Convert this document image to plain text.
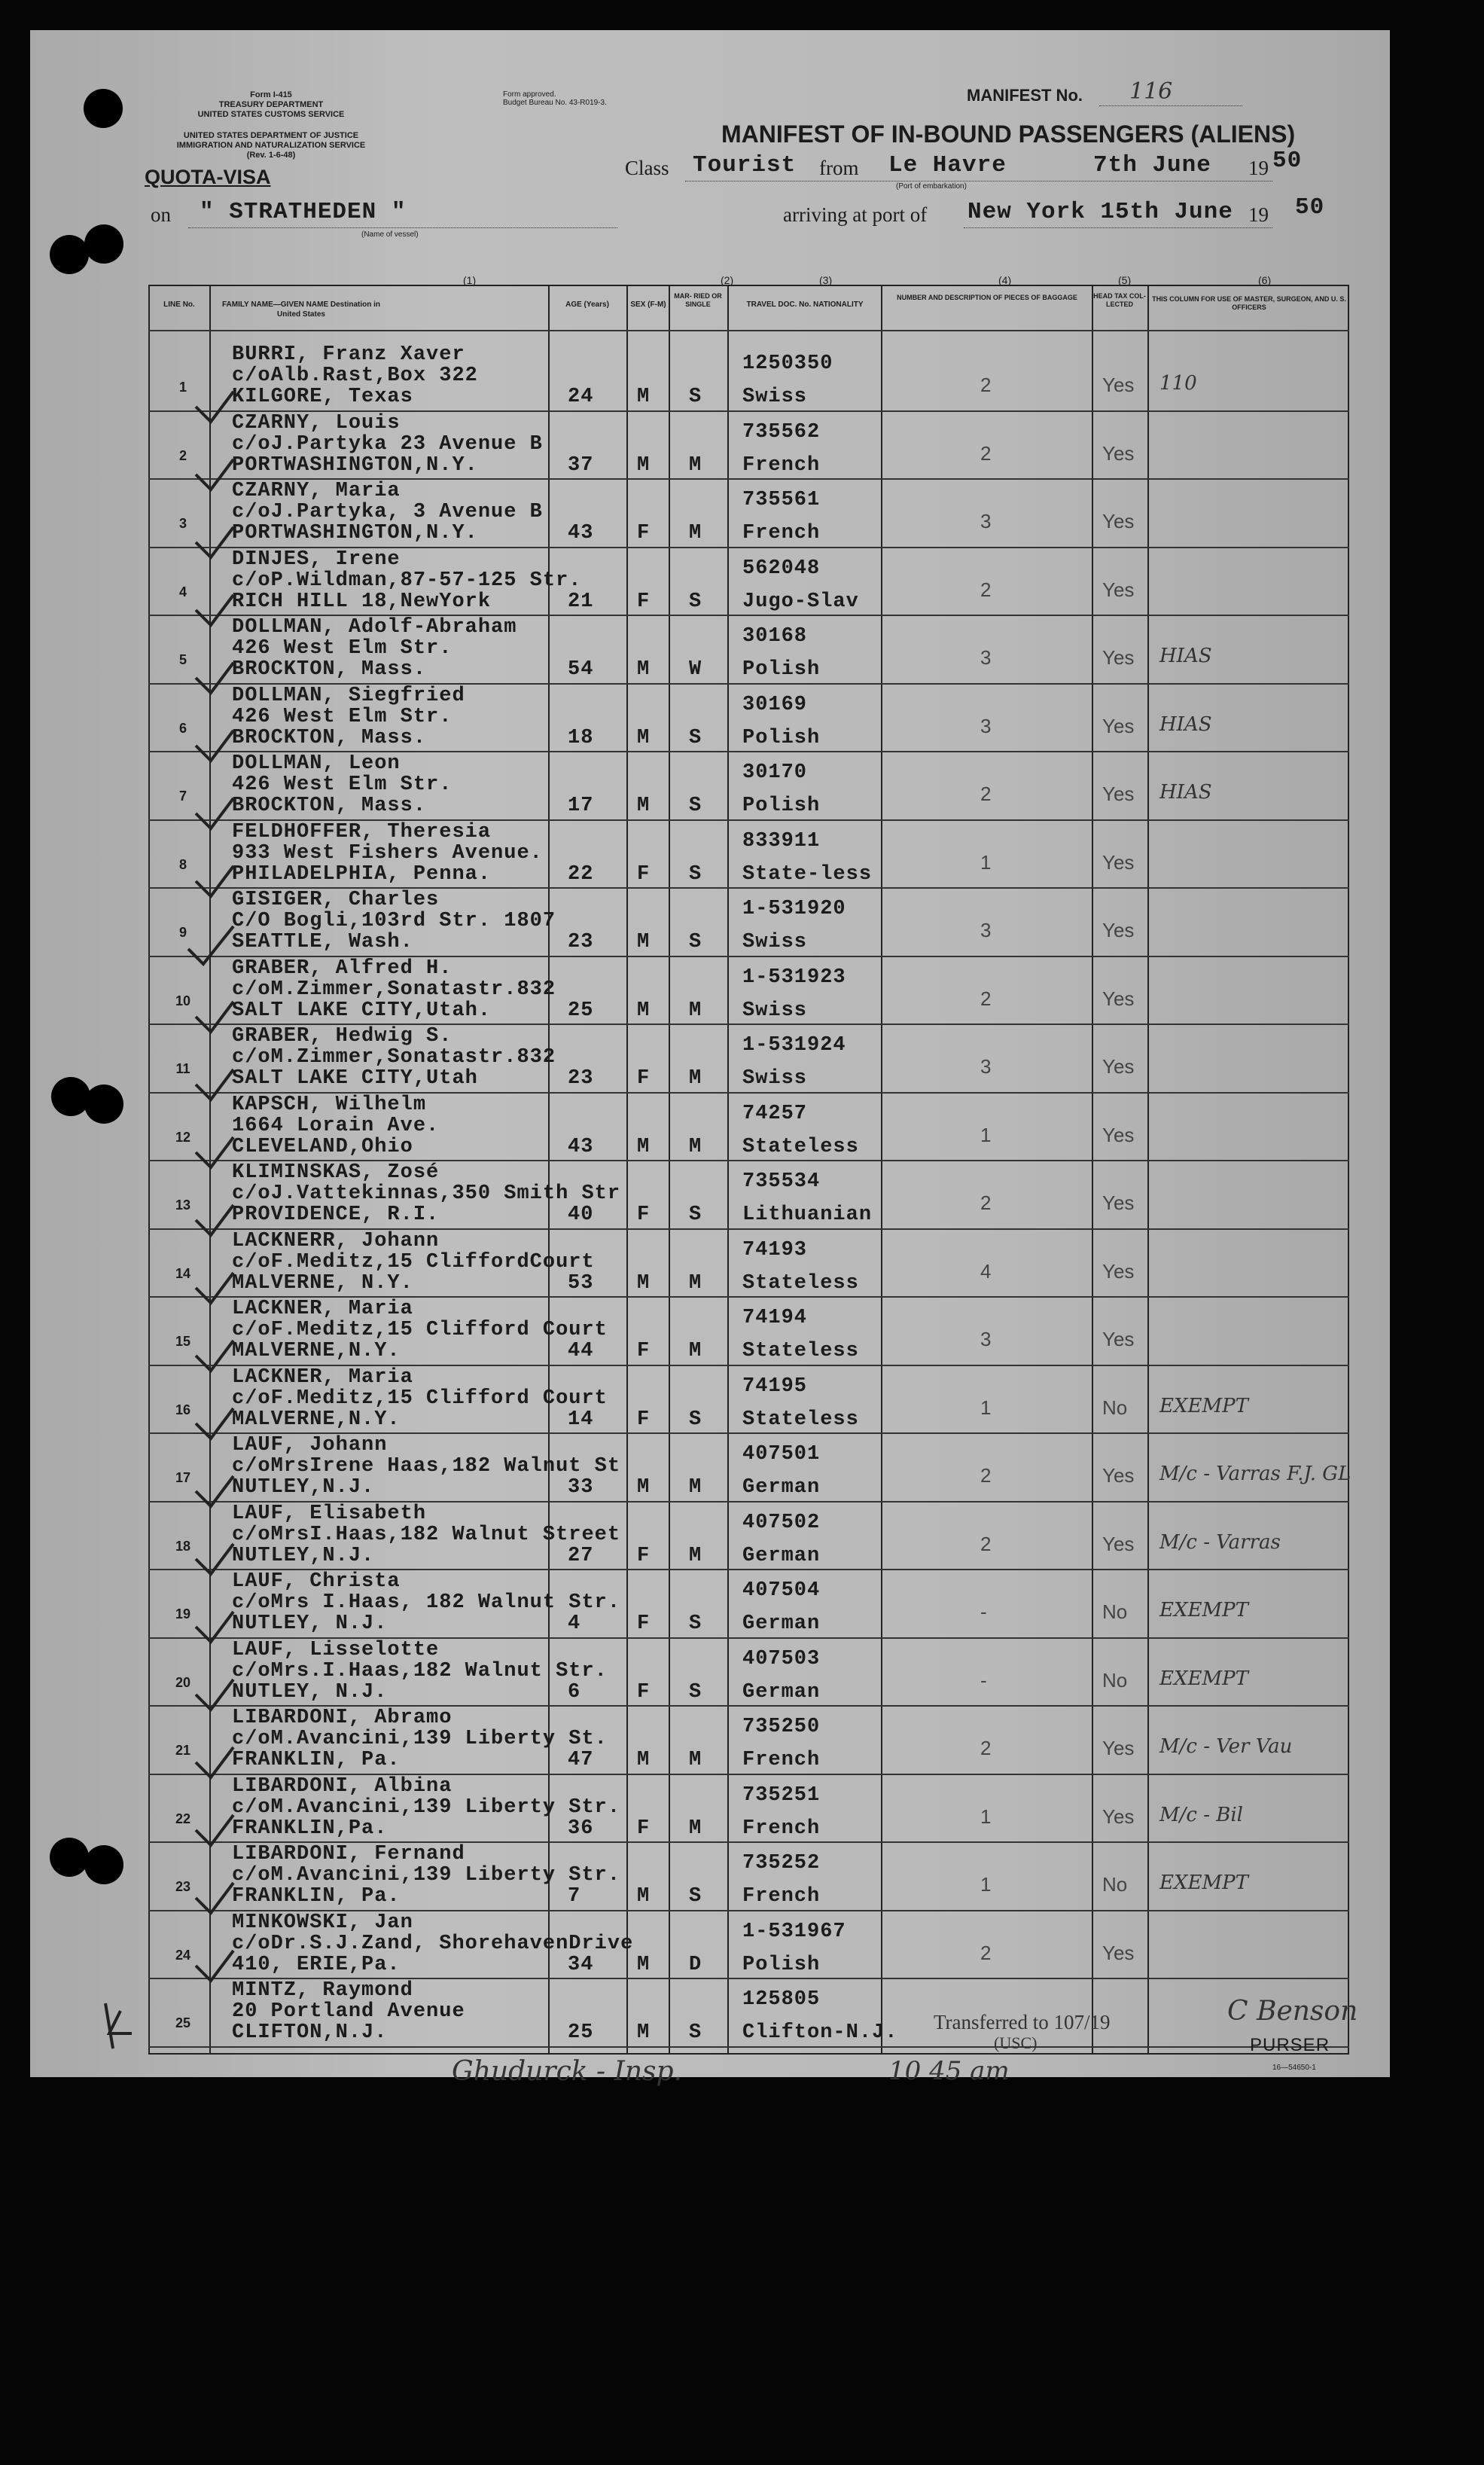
Form I-415
TREASURY DEPARTMENT
UNITED STATES CUSTOMS SERVICE
UNITED STATES DEPARTMENT OF JUSTICE
IMMIGRATION AND NATURALIZATION SERVICE
(Rev. 1-6-48)
Form approved.
Budget Bureau No. 43-R019-3.	MANIFEST No. 116
MANIFEST OF IN-BOUND PASSENGERS (ALIENS)
QUOTA-VISA	Class Tourist from Le Havre	7th June 19 50
(Port of embarkation)
on " STRATHEDEN "
(Name of vessel)
arriving at port of New York 15th June 19 50
(1)	(2)	(3)	(4)	(5)	(6)
LINE No.	FAMILY NAME—GIVEN NAME Destination in United States
AGE (Years)	SEX (F-M)
MAR- RIED OR SINGLE	TRAVEL DOC. No. NATIONALITY
NUMBER AND DESCRIPTION OF PIECES OF BAGGAGE	HEAD TAX COL- LECTED
THIS COLUMN FOR USE OF MASTER, SURGEON, AND U. S. OFFICERS
1
BURRI, Franz Xaver
c/oAlb.Rast,Box 322
KILGORE, Texas	24 M S
1250350
Swiss
2	Yes 110
2
CZARNY, Louis
c/oJ.Partyka 23 Avenue B
PORTWASHINGTON,N.Y.	37 M M
735562
French
2	Yes
3
CZARNY, Maria
c/oJ.Partyka, 3 Avenue B
PORTWASHINGTON,N.Y.	43 F M
735561
French
3	Yes
4
DINJES, Irene
c/oP.Wildman,87-57-125 Str.
RICH HILL 18,NewYork	21 F S
562048
Jugo-Slav
2	Yes
5
DOLLMAN, Adolf-Abraham
426 West Elm Str.
BROCKTON, Mass.	54 M W
30168
Polish
3	Yes HIAS
6
DOLLMAN, Siegfried
426 West Elm Str.
BROCKTON, Mass.	18 M S
30169
Polish
3	Yes HIAS
7
DOLLMAN, Leon
426 West Elm Str.
BROCKTON, Mass.	17 M S
30170
Polish
2	Yes HIAS
8
FELDHOFFER, Theresia
933 West Fishers Avenue.
PHILADELPHIA, Penna.	22 F S
833911
State-less
1	Yes
9
GISIGER, Charles
C/O Bogli,103rd Str. 1807
SEATTLE, Wash.	23 M S
1-531920
Swiss
3	Yes
10
GRABER, Alfred H.
c/oM.Zimmer,Sonatastr.832
SALT LAKE CITY,Utah.	25 M M
1-531923
Swiss
2	Yes
11
GRABER, Hedwig S.
c/oM.Zimmer,Sonatastr.832
SALT LAKE CITY,Utah	23 F M
1-531924
Swiss
3	Yes
12
KAPSCH, Wilhelm
1664 Lorain Ave.
CLEVELAND,Ohio	43 M M
74257
Stateless
1	Yes
13
KLIMINSKAS, Zosé
c/oJ.Vattekinnas,350 Smith Str
PROVIDENCE, R.I.	40 F S
735534
Lithuanian
2	Yes
14
LACKNERR, Johann
c/oF.Meditz,15 CliffordCourt
MALVERNE, N.Y.	53 M M
74193
Stateless
4	Yes
15
LACKNER, Maria
c/oF.Meditz,15 Clifford Court
MALVERNE,N.Y.	44 F M
74194
Stateless
3	Yes
16
LACKNER, Maria
c/oF.Meditz,15 Clifford Court
MALVERNE,N.Y.	14 F S
74195
Stateless
1	No EXEMPT
17
LAUF, Johann
c/oMrsIrene Haas,182 Walnut St
NUTLEY,N.J.	33 M M
407501
German
2	Yes M/c - Varras F.J. GL
18
LAUF, Elisabeth
c/oMrsI.Haas,182 Walnut Street
NUTLEY,N.J.	27 F M
407502
German
2	Yes M/c - Varras
19
LAUF, Christa
c/oMrs I.Haas, 182 Walnut Str.
NUTLEY, N.J.	4	F S
407504
German
-	No EXEMPT
20
LAUF, Lisselotte
c/oMrs.I.Haas,182 Walnut Str.
NUTLEY, N.J.	6	F S
407503
German
-	No EXEMPT
21
LIBARDONI, Abramo
c/oM.Avancini,139 Liberty St.
FRANKLIN, Pa.	47 M M
735250
French
2	Yes M/c - Ver Vau
22
LIBARDONI, Albina
c/oM.Avancini,139 Liberty Str.
FRANKLIN,Pa.	36 F M
735251
French
1	Yes M/c - Bil
23
LIBARDONI, Fernand
c/oM.Avancini,139 Liberty Str.
FRANKLIN, Pa.	7	M S
735252
French
1	No EXEMPT
24
MINKOWSKI, Jan
c/oDr.S.J.Zand, ShorehavenDrive
410, ERIE,Pa.	34 M D
1-531967
Polish
2	Yes
25
MINTZ, Raymond
20 Portland Avenue
CLIFTON,N.J.	25 M S
125805
Clifton-N.J. Transferred to 107/19
(USC)
C Benson
PURSER
16—54650-1
Ghudurck - Insp.	10 45 am
